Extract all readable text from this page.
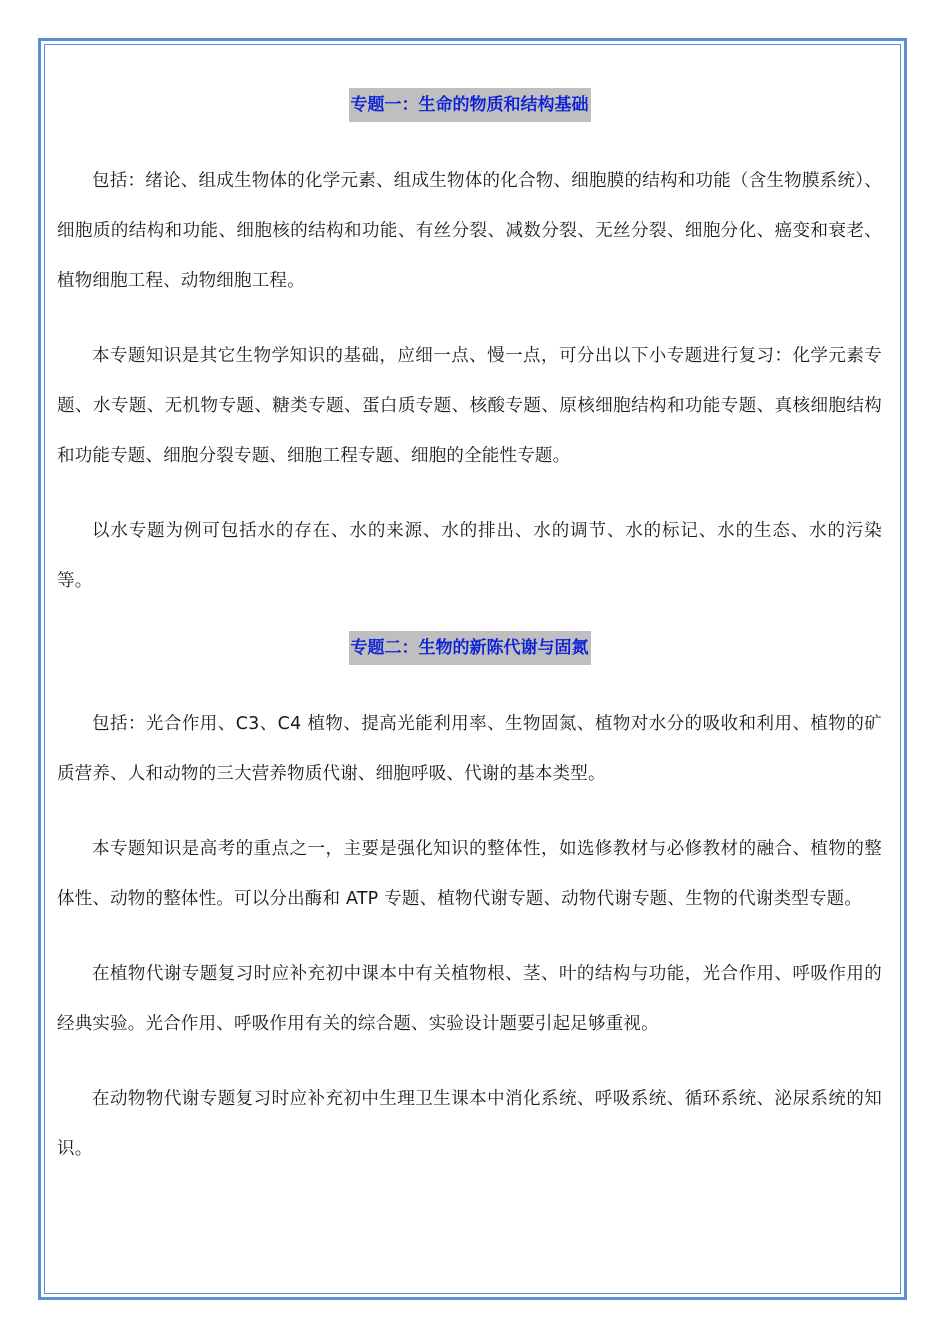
专题一：生命的物质和结构基础

包括：绪论、组成生物体的化学元素、组成生物体的化合物、细胞膜的结构和功能（含生物膜系统）、细胞质的结构和功能、细胞核的结构和功能、有丝分裂、减数分裂、无丝分裂、细胞分化、癌变和衰老、植物细胞工程、动物细胞工程。

本专题知识是其它生物学知识的基础，应细一点、慢一点，可分出以下小专题进行复习：化学元素专题、水专题、无机物专题、糖类专题、蛋白质专题、核酸专题、原核细胞结构和功能专题、真核细胞结构和功能专题、细胞分裂专题、细胞工程专题、细胞的全能性专题。

以水专题为例可包括水的存在、水的来源、水的排出、水的调节、水的标记、水的生态、水的污染等。

专题二：生物的新陈代谢与固氮

包括：光合作用、C3、C4 植物、提高光能利用率、生物固氮、植物对水分的吸收和利用、植物的矿质营养、人和动物的三大营养物质代谢、细胞呼吸、代谢的基本类型。

本专题知识是高考的重点之一，主要是强化知识的整体性，如选修教材与必修教材的融合、植物的整体性、动物的整体性。可以分出酶和 ATP 专题、植物代谢专题、动物代谢专题、生物的代谢类型专题。

在植物代谢专题复习时应补充初中课本中有关植物根、茎、叶的结构与功能，光合作用、呼吸作用的经典实验。光合作用、呼吸作用有关的综合题、实验设计题要引起足够重视。

在动物物代谢专题复习时应补充初中生理卫生课本中消化系统、呼吸系统、循环系统、泌尿系统的知识。
